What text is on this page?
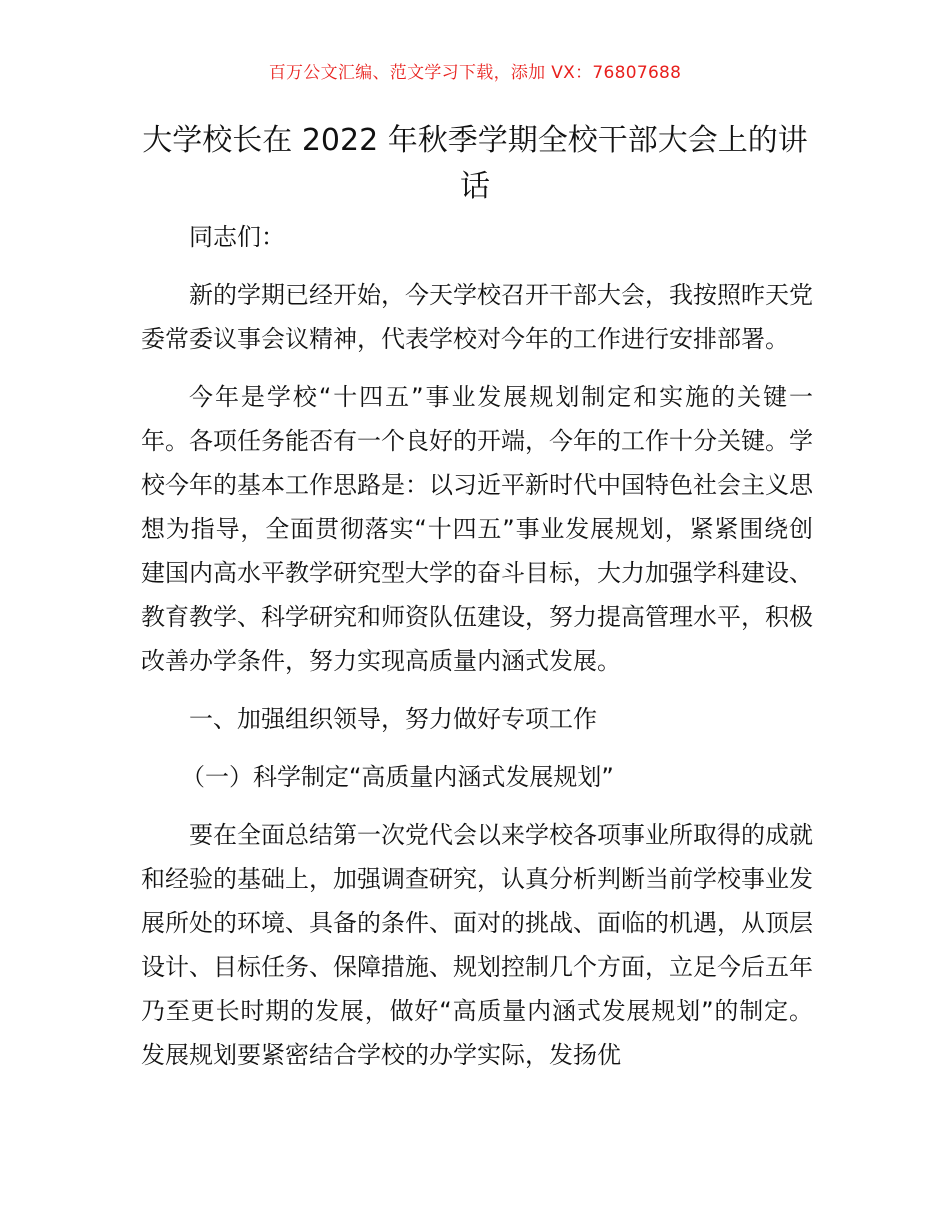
百万公文汇编、范文学习下载，添加 VX：76807688
大学校长在 2022 年秋季学期全校干部大会上的讲话

同志们：

新的学期已经开始，今天学校召开干部大会，我按照昨天党委常委议事会议精神，代表学校对今年的工作进行安排部署。

今年是学校“十四五”事业发展规划制定和实施的关键一年。各项任务能否有一个良好的开端，今年的工作十分关键。学校今年的基本工作思路是：以习近平新时代中国特色社会主义思想为指导，全面贯彻落实“十四五”事业发展规划，紧紧围绕创建国内高水平教学研究型大学的奋斗目标，大力加强学科建设、教育教学、科学研究和师资队伍建设，努力提高管理水平，积极改善办学条件，努力实现高质量内涵式发展。

一、加强组织领导，努力做好专项工作

（一）科学制定“高质量内涵式发展规划”

要在全面总结第一次党代会以来学校各项事业所取得的成就和经验的基础上，加强调查研究，认真分析判断当前学校事业发展所处的环境、具备的条件、面对的挑战、面临的机遇，从顶层设计、目标任务、保障措施、规划控制几个方面，立足今后五年乃至更长时期的发展，做好“高质量内涵式发展规划”的制定。发展规划要紧密结合学校的办学实际，发扬优
